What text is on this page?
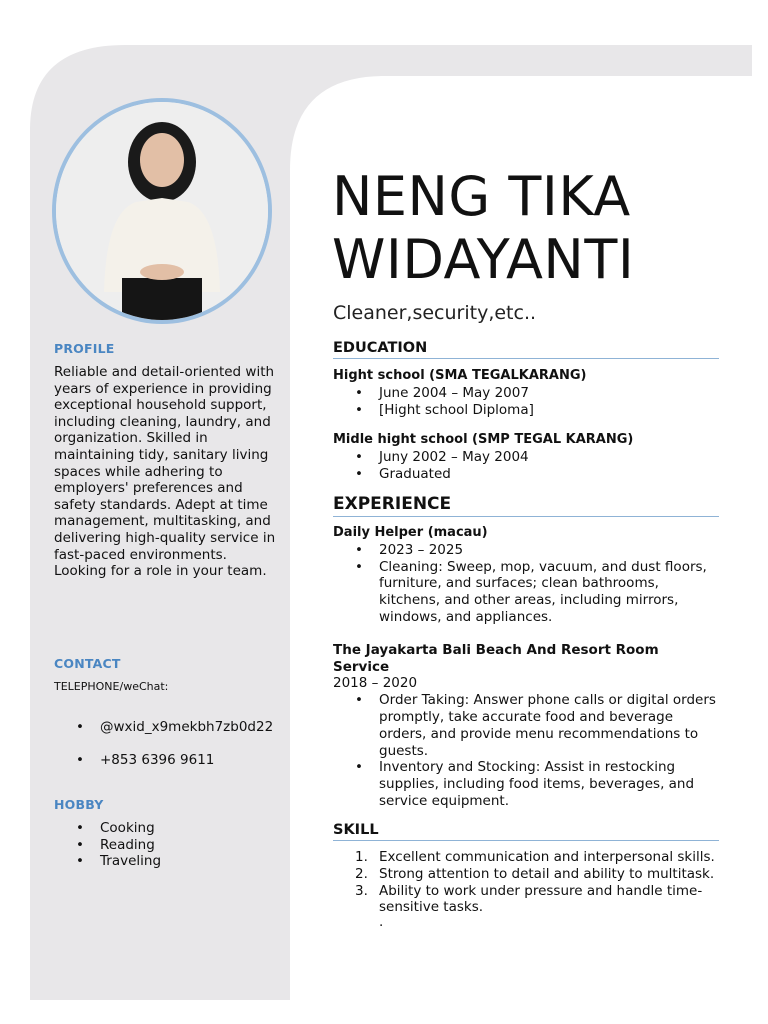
PROFILE
Reliable and detail-oriented with years of experience in providing exceptional household support, including cleaning, laundry, and organization. Skilled in maintaining tidy, sanitary living spaces while adhering to employers' preferences and safety standards. Adept at time management, multitasking, and delivering high-quality service in fast-paced environments. Looking for a role in your team.
CONTACT
TELEPHONE/weChat:
• @wxid_x9mekbh7zb0d22
• +853 6396 9611
HOBBY
• Cooking
• Reading
• Traveling
NENG TIKA
WIDAYANTI
Cleaner,security,etc..
EDUCATION
Hight school (SMA TEGALKARANG)
• June 2004 – May 2007
• [Hight school Diploma]
Midle hight school (SMP TEGAL KARANG)
• Juny 2002 – May 2004
• Graduated
EXPERIENCE
Daily Helper (macau)
• 2023 – 2025
• Cleaning: Sweep, mop, vacuum, and dust floors, furniture, and surfaces; clean bathrooms, kitchens, and other areas, including mirrors, windows, and appliances.
The Jayakarta Bali Beach And Resort Room Service
2018 – 2020
• Order Taking: Answer phone calls or digital orders promptly, take accurate food and beverage orders, and provide menu recommendations to guests.
• Inventory and Stocking: Assist in restocking supplies, including food items, beverages, and service equipment.
SKILL
1. Excellent communication and interpersonal skills.
2. Strong attention to detail and ability to multitask.
3. Ability to work under pressure and handle time-sensitive tasks.
.
